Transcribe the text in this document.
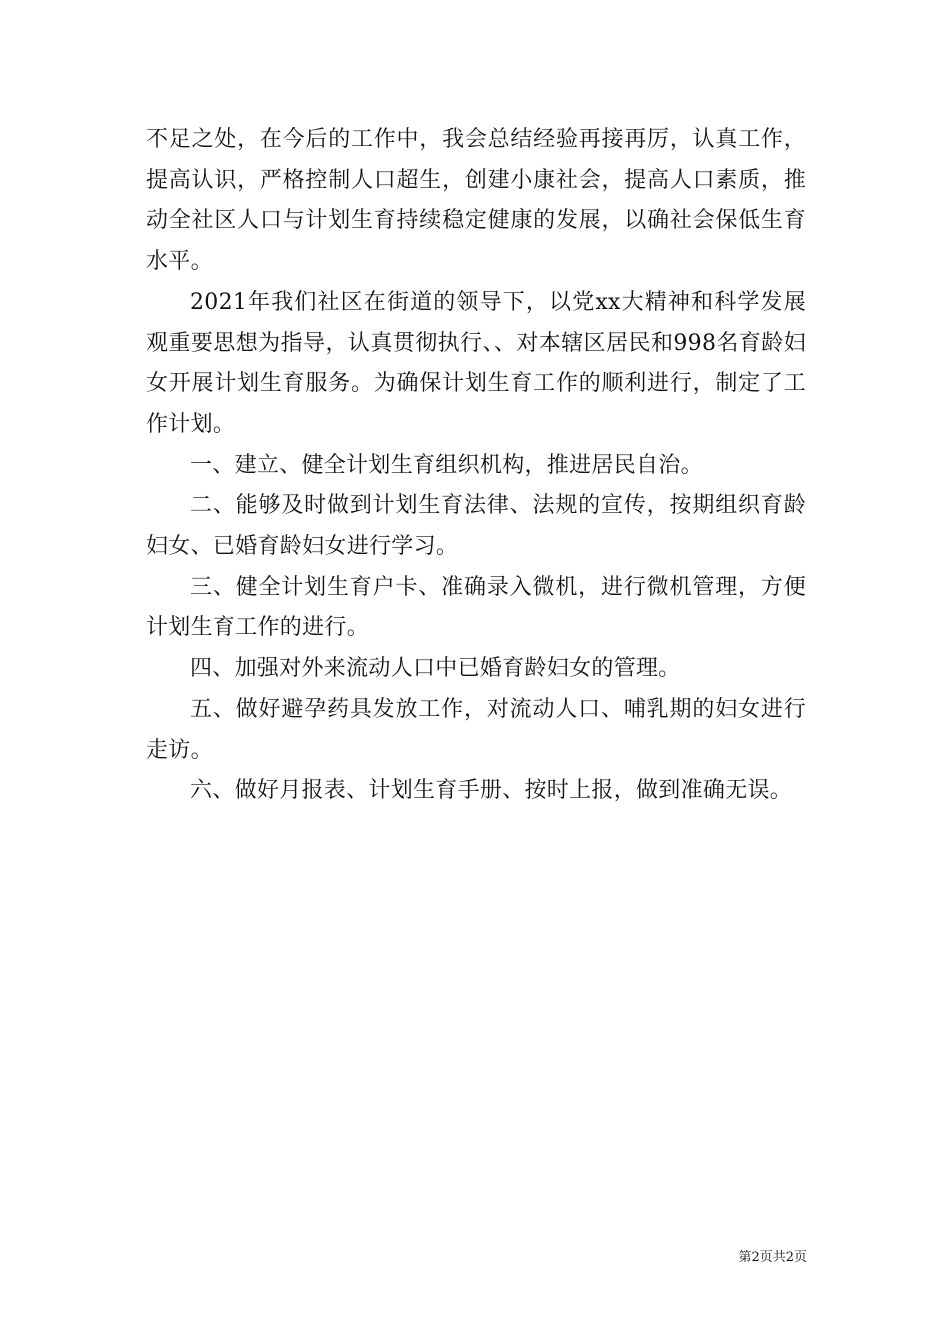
不足之处，在今后的工作中，我会总结经验再接再厉，认真工作，提高认识，严格控制人口超生，创建小康社会，提高人口素质，推动全社区人口与计划生育持续稳定健康的发展，以确社会保低生育水平。

2021年我们社区在街道的领导下，以党xx大精神和科学发展观重要思想为指导，认真贯彻执行、、对本辖区居民和998名育龄妇女开展计划生育服务。为确保计划生育工作的顺利进行，制定了工作计划。

一、建立、健全计划生育组织机构，推进居民自治。

二、能够及时做到计划生育法律、法规的宣传，按期组织育龄妇女、已婚育龄妇女进行学习。

三、健全计划生育户卡、准确录入微机，进行微机管理，方便计划生育工作的进行。

四、加强对外来流动人口中已婚育龄妇女的管理。

五、做好避孕药具发放工作，对流动人口、哺乳期的妇女进行走访。

六、做好月报表、计划生育手册、按时上报，做到准确无误。

第2页共2页
